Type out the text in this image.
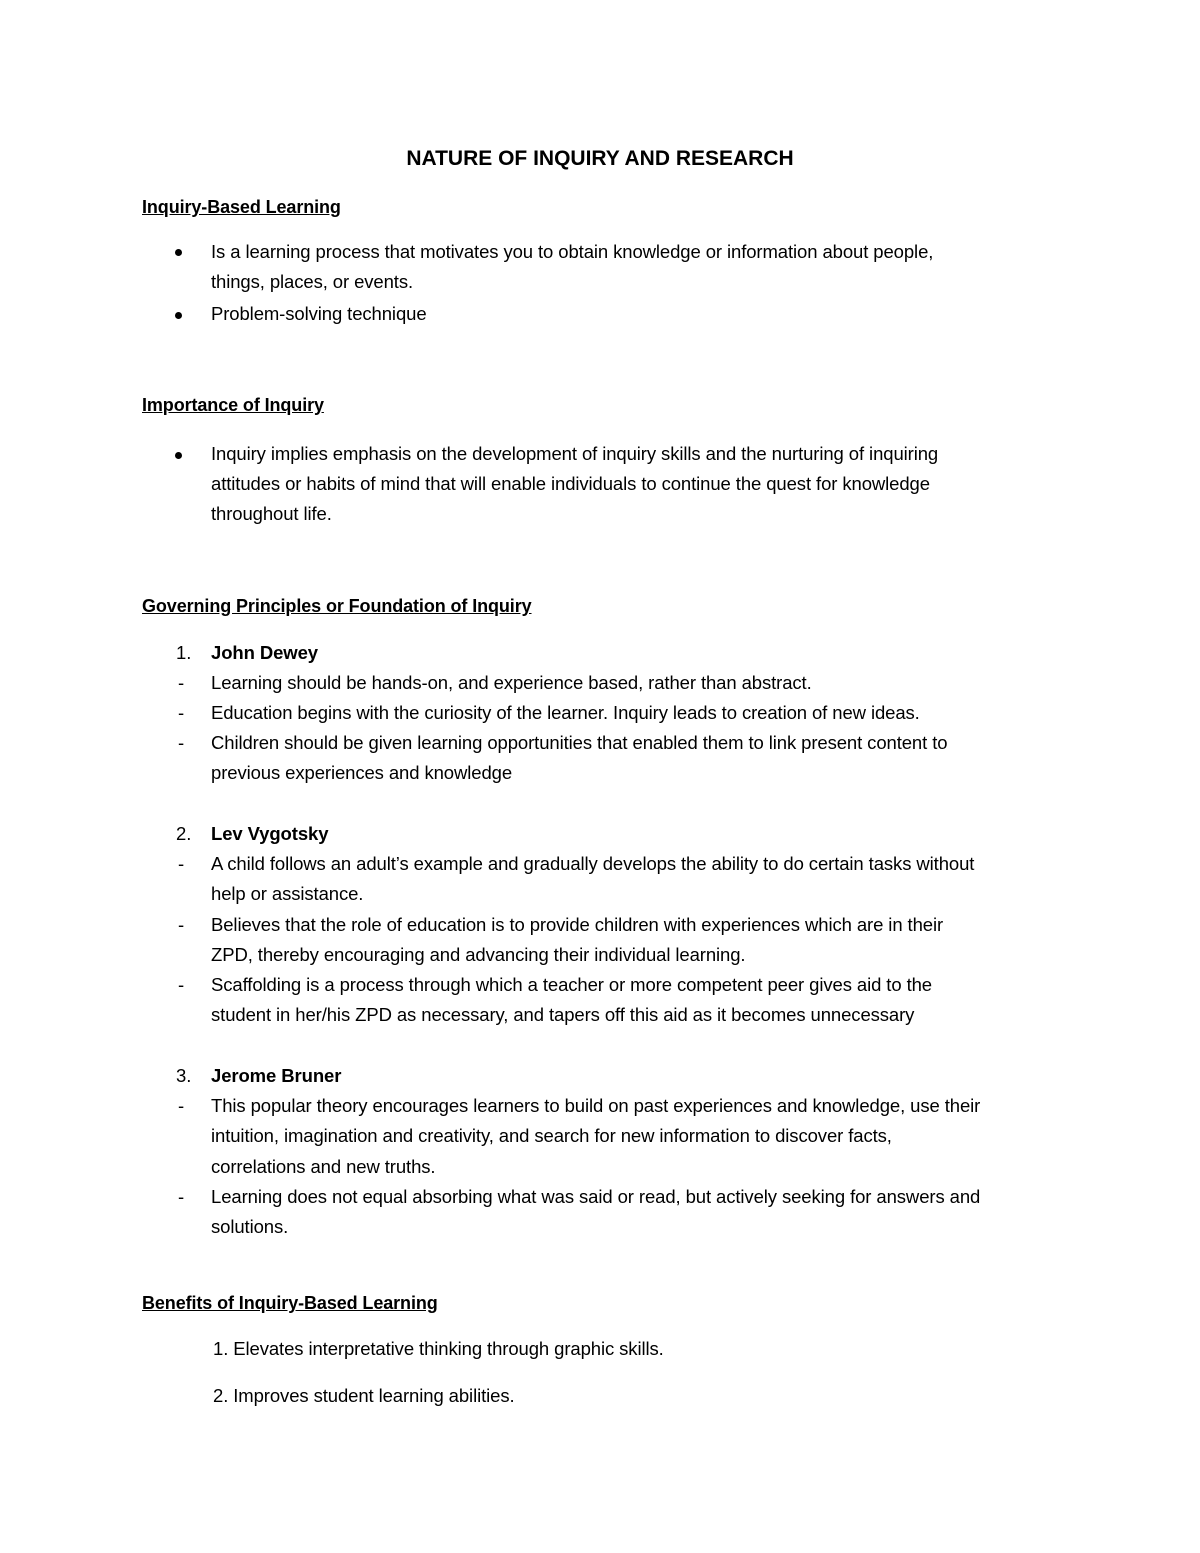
NATURE OF INQUIRY AND RESEARCH
Inquiry-Based Learning
Is a learning process that motivates you to obtain knowledge or information about people,
things, places, or events.
Problem-solving technique
Importance of Inquiry
Inquiry implies emphasis on the development of inquiry skills and the nurturing of inquiring
attitudes or habits of mind that will enable individuals to continue the quest for knowledge
throughout life.
Governing Principles or Foundation of Inquiry
1. John Dewey
- Learning should be hands-on, and experience based, rather than abstract.
- Education begins with the curiosity of the learner. Inquiry leads to creation of new ideas.
- Children should be given learning opportunities that enabled them to link present content to
previous experiences and knowledge
2. Lev Vygotsky
- A child follows an adult’s example and gradually develops the ability to do certain tasks without
help or assistance.
- Believes that the role of education is to provide children with experiences which are in their
ZPD, thereby encouraging and advancing their individual learning.
- Scaffolding is a process through which a teacher or more competent peer gives aid to the
student in her/his ZPD as necessary, and tapers off this aid as it becomes unnecessary
3. Jerome Bruner
- This popular theory encourages learners to build on past experiences and knowledge, use their
intuition, imagination and creativity, and search for new information to discover facts,
correlations and new truths.
- Learning does not equal absorbing what was said or read, but actively seeking for answers and
solutions.
Benefits of Inquiry-Based Learning
1. Elevates interpretative thinking through graphic skills.
2. Improves student learning abilities.
